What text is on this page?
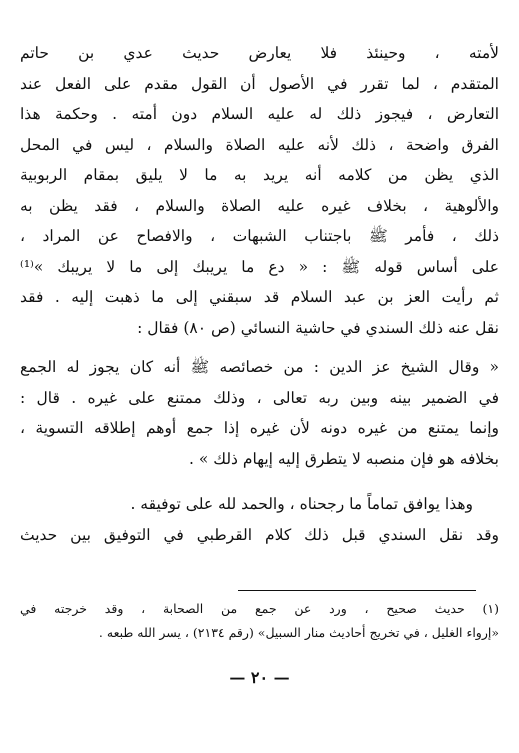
لأمته ، وحينئذ فلا يعارض حديث عدي بن حاتم
المتقدم ، لما تقرر في الأصول أن القول مقدم على الفعل عند
التعارض ، فيجوز ذلك له عليه السلام دون أمته . وحكمة هذا
الفرق واضحة ، ذلك لأنه عليه الصلاة والسلام ، ليس في المحل
الذي يظن من كلامه أنه يريد به ما لا يليق بمقام الربوبية
والألوهية ، بخلاف غيره عليه الصلاة والسلام ، فقد يظن به
ذلك ، فأمر ﷺ باجتناب الشبهات ، والافصاح عن المراد ،
على أساس قوله ﷺ : « دع ما يريبك إلى ما لا يريبك »⁽¹⁾
ثم رأيت العز بن عبد السلام قد سبقني إلى ما ذهبت إليه . فقد
نقل عنه ذلك السندي في حاشية النسائي (ص ٨٠) فقال :
« وقال الشيخ عز الدين : من خصائصه ﷺ أنه كان يجوز له الجمع
في الضمير بينه وبين ربه تعالى ، وذلك ممتنع على غيره . قال :
وإنما يمتنع من غيره دونه لأن غيره إذا جمع أوهم إطلاقه التسوية ،
بخلافه هو فإن منصبه لا يتطرق إليه إيهام ذلك » .
وهذا يوافق تماماً ما رجحناه ، والحمد لله على توفيقه .
وقد نقل السندي قبل ذلك كلام القرطبي في التوفيق بين حديث
(١) حديث صحيح ، ورد عن جمع من الصحابة ، وقد خرجته في
«إرواء الغليل ، في تخريج أحاديث منار السبيل» (رقم ٢١٣٤) ، يسر الله طبعه .
— ٢٠ —
